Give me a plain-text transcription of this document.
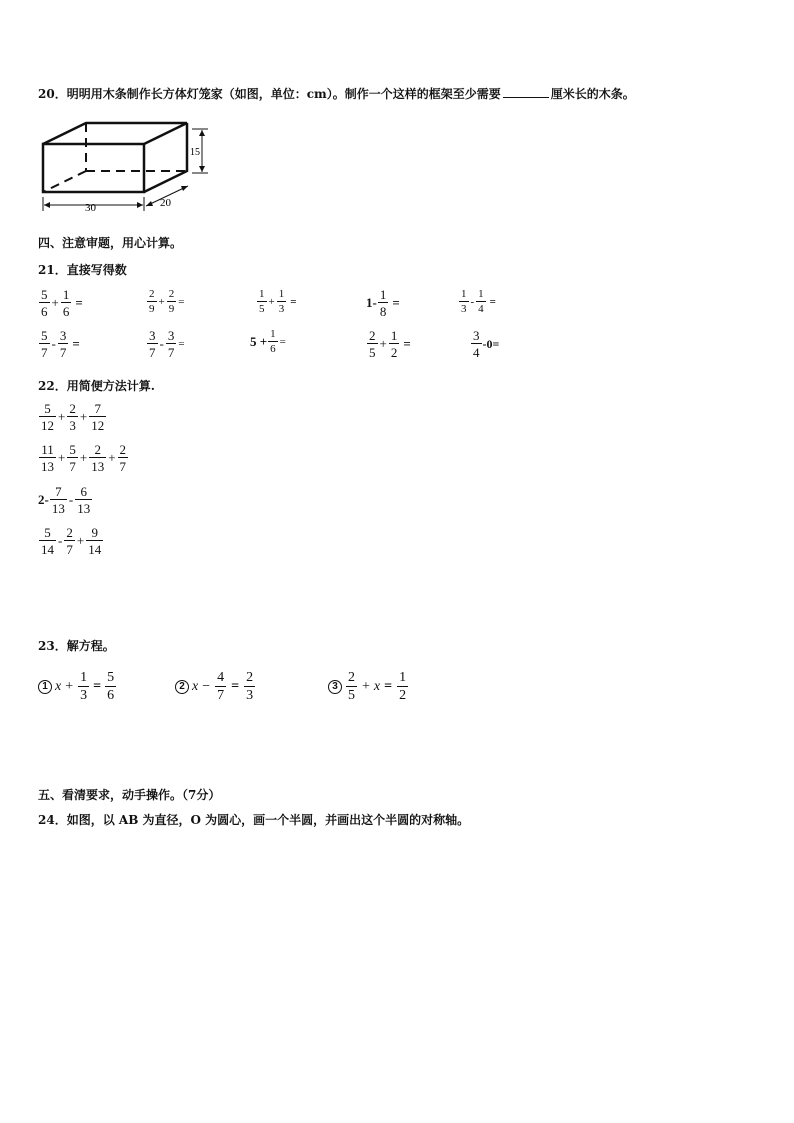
20．明明用木条制作长方体灯笼家（如图，单位：cm）。制作一个这样的框架至少需要	厘米长的木条。
15
30	20
四、注意审题，用心计算。
21．直接写得数
$\frac{5}{6} + \frac{1}{6}$ =	$\frac{2}{9} + \frac{2}{9}$ =	$\frac{1}{5} + \frac{1}{3}$ =	$1- \frac{1}{8}$ =	$\frac{1}{3} - \frac{1}{4}$ =
$\frac{5}{7} - \frac{3}{7}$ =	$\frac{3}{7} - \frac{3}{7}$ =	$5 + \frac{1}{6}$ =	$\frac{2}{5} + \frac{1}{2}$ =	$\frac{3}{4} -0=$
22．用简便方法计算.
$\frac{5}{12} + \frac{2}{3} + \frac{7}{12}$
$\frac{11}{13} + \frac{5}{7} + \frac{2}{13} + \frac{2}{7}$
$2- \frac{7}{13} - \frac{6}{13}$
$\frac{5}{14} - \frac{2}{7} + \frac{9}{14}$
23．解方程。
1 $x + \frac{1}{3} = \frac{5}{6}$	2 $x - \frac{4}{7} = \frac{2}{3}$	$3 \frac{2}{5} + x = \frac{1}{2}$
五、看清要求，动手操作。（7分）
24．如图，以 AB 为直径，O 为圆心，画一个半圆，并画出这个半圆的对称轴。
